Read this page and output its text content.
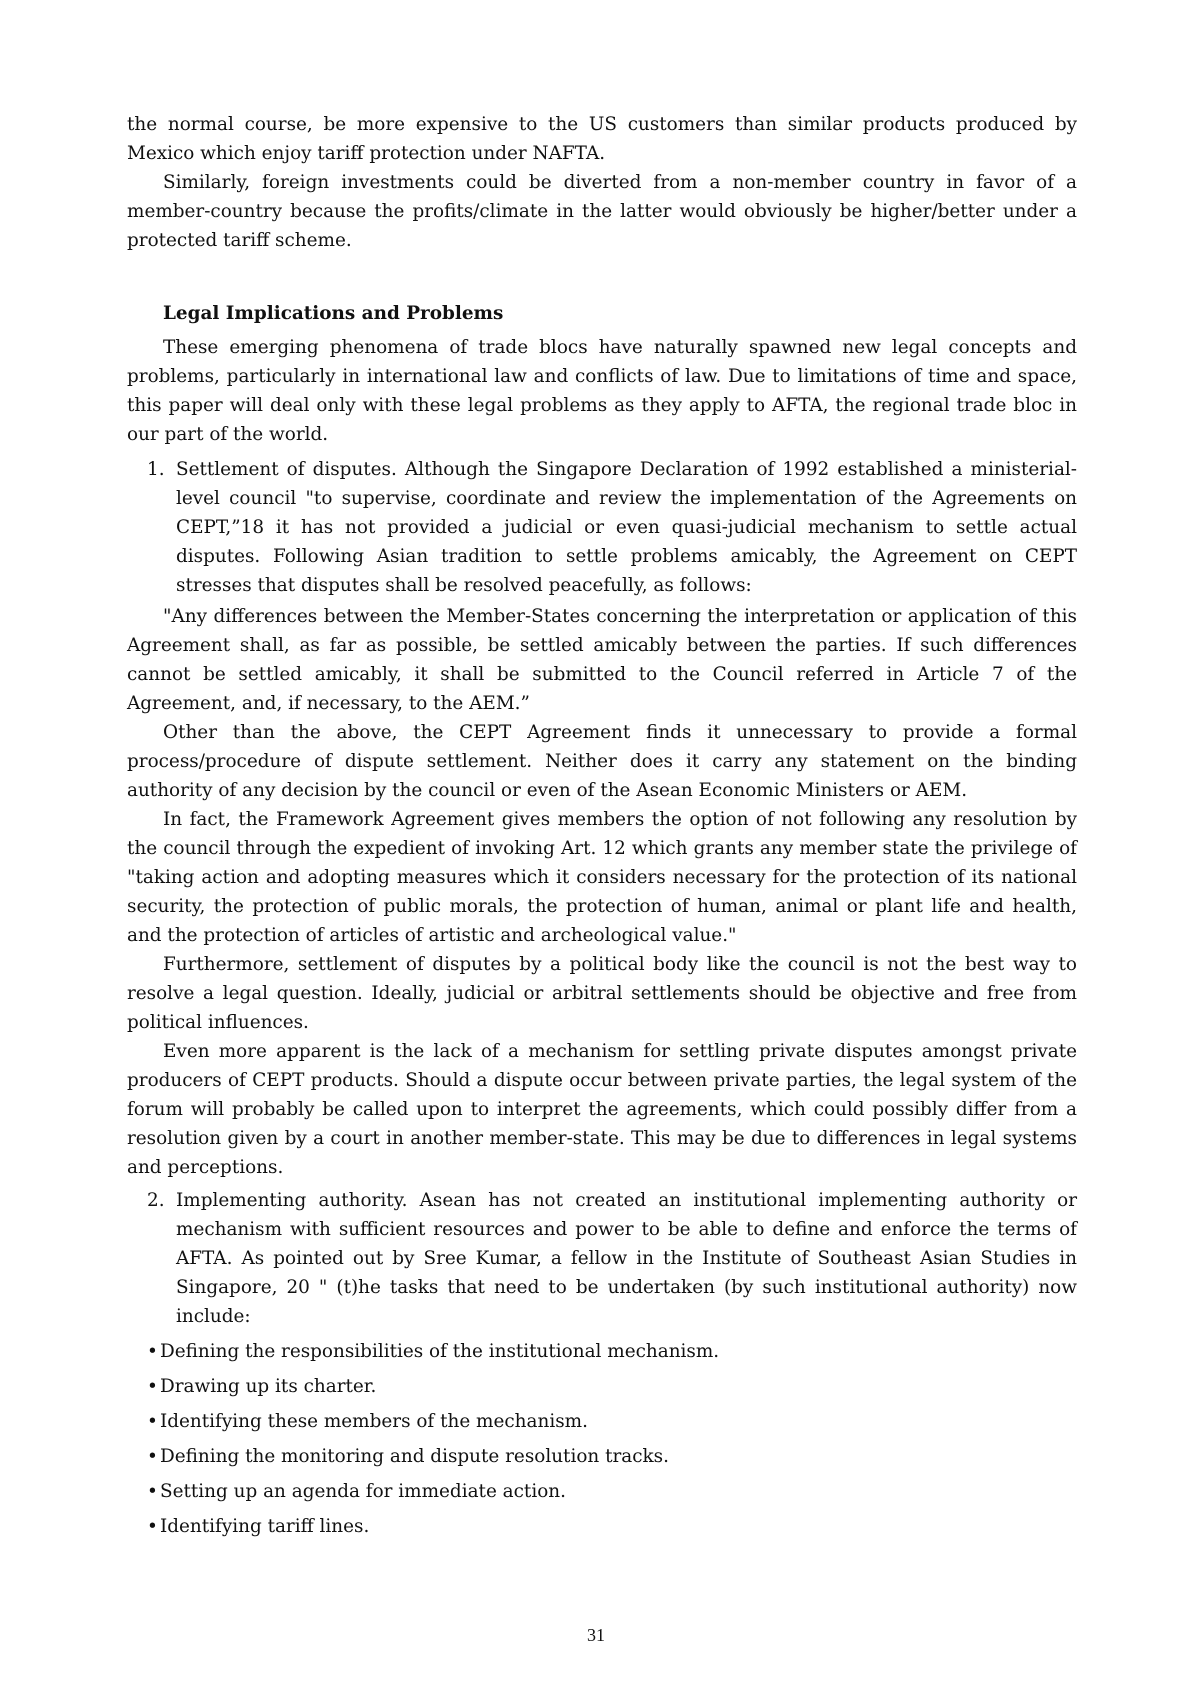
the normal course, be more expensive to the US customers than similar products produced by Mexico which enjoy tariff protection under NAFTA.

Similarly, foreign investments could be diverted from a non-member country in favor of a member-country because the profits/climate in the latter would obviously be higher/better under a protected tariff scheme.

Legal Implications and Problems

These emerging phenomena of trade blocs have naturally spawned new legal concepts and problems, particularly in international law and conflicts of law. Due to limitations of time and space, this paper will deal only with these legal problems as they apply to AFTA, the regional trade bloc in our part of the world.

1. Settlement of disputes. Although the Singapore Declaration of 1992 established a ministerial-level council "to supervise, coordinate and review the implementation of the Agreements on CEPT,”18 it has not provided a judicial or even quasi-judicial mechanism to settle actual disputes. Following Asian tradition to settle problems amicably, the Agreement on CEPT stresses that disputes shall be resolved peacefully, as follows:

"Any differences between the Member-States concerning the interpretation or application of this Agreement shall, as far as possible, be settled amicably between the parties. If such differences cannot be settled amicably, it shall be submitted to the Council referred in Article 7 of the Agreement, and, if necessary, to the AEM.”

Other than the above, the CEPT Agreement finds it unnecessary to provide a formal process/procedure of dispute settlement. Neither does it carry any statement on the binding authority of any decision by the council or even of the Asean Economic Ministers or AEM.

In fact, the Framework Agreement gives members the option of not following any resolution by the council through the expedient of invoking Art. 12 which grants any member state the privilege of "taking action and adopting measures which it considers necessary for the protection of its national security, the protection of public morals, the protection of human, animal or plant life and health, and the protection of articles of artistic and archeological value."

Furthermore, settlement of disputes by a political body like the council is not the best way to resolve a legal question. Ideally, judicial or arbitral settlements should be objective and free from political influences.

Even more apparent is the lack of a mechanism for settling private disputes amongst private producers of CEPT products. Should a dispute occur between private parties, the legal system of the forum will probably be called upon to interpret the agreements, which could possibly differ from a resolution given by a court in another member-state. This may be due to differences in legal systems and perceptions.

2. Implementing authority. Asean has not created an institutional implementing authority or mechanism with sufficient resources and power to be able to define and enforce the terms of AFTA. As pointed out by Sree Kumar, a fellow in the Institute of Southeast Asian Studies in Singapore, 20 " (t)he tasks that need to be undertaken (by such institutional authority) now include:
• Defining the responsibilities of the institutional mechanism.
• Drawing up its charter.
• Identifying these members of the mechanism.
• Defining the monitoring and dispute resolution tracks.
• Setting up an agenda for immediate action.
• Identifying tariff lines.
31
